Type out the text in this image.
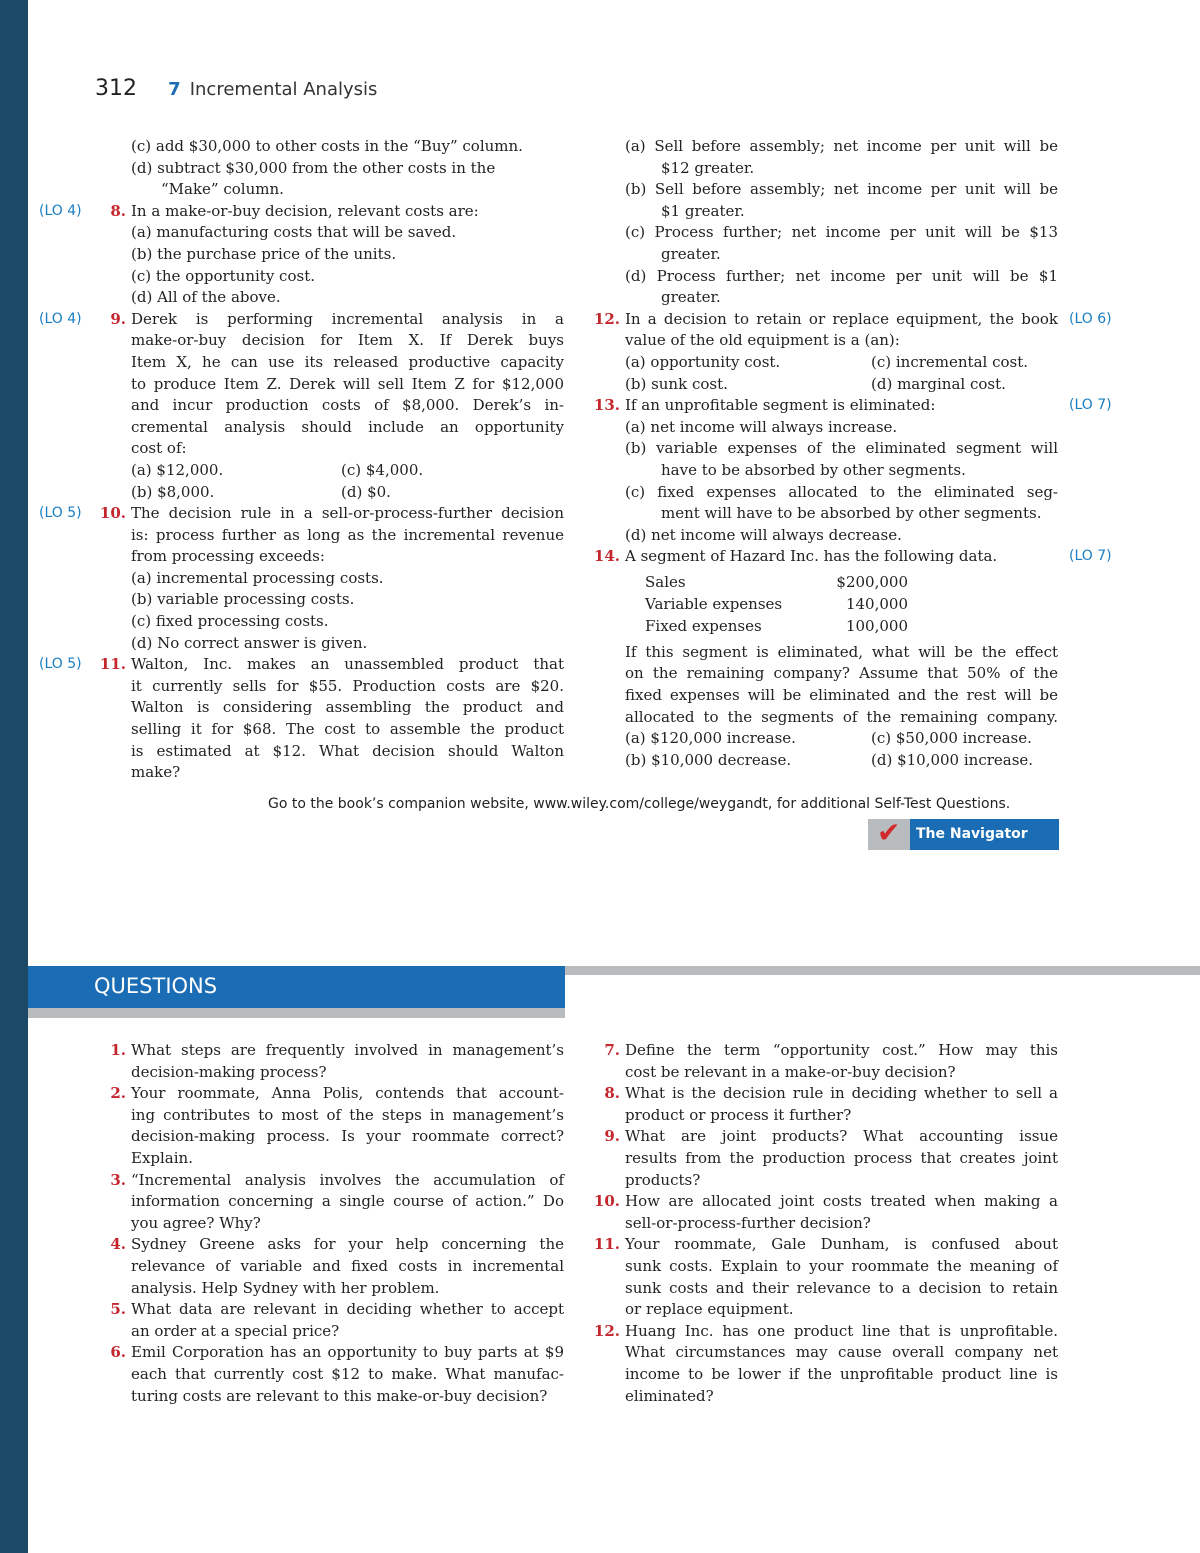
312 7 Incremental Analysis
(c) add $30,000 to other costs in the “Buy” column.
(d) subtract $30,000 from the other costs in the
“Make” column.
(LO 4)	8. In a make-or-buy decision, relevant costs are:
(a) manufacturing costs that will be saved.
(b) the purchase price of the units.
(c) the opportunity cost.
(d) All of the above.
(LO 4)	9. Derek is performing incremental analysis in a
make-or-buy decision for Item X. If Derek buys
Item X, he can use its released productive capacity
to produce Item Z. Derek will sell Item Z for $12,000
and incur production costs of $8,000. Derek’s in-
cremental analysis should include an opportunity
cost of:
(a) $12,000.	(c) $4,000.
(b) $8,000.	(d) $0.
(LO 5) 10. The decision rule in a sell-or-process-further decision
is: process further as long as the incremental revenue
from processing exceeds:
(a) incremental processing costs.
(b) variable processing costs.
(c) fixed processing costs.
(d) No correct answer is given.
(LO 5) 11. Walton, Inc. makes an unassembled product that
it currently sells for $55. Production costs are $20.
Walton is considering assembling the product and
selling it for $68. The cost to assemble the product
is estimated at $12. What decision should Walton
make?
(a) Sell before assembly; net income per unit will be
$12 greater.
(b) Sell before assembly; net income per unit will be
$1 greater.
(c) Process further; net income per unit will be $13
greater.
(d) Process further; net income per unit will be $1
greater.
12. In a decision to retain or replace equipment, the book (LO 6)
value of the old equipment is a (an):
(a) opportunity cost.	(c) incremental cost.
(b) sunk cost.	(d) marginal cost.
13. If an unprofitable segment is eliminated:	(LO 7)
(a) net income will always increase.
(b) variable expenses of the eliminated segment will
have to be absorbed by other segments.
(c) fixed expenses allocated to the eliminated seg-
ment will have to be absorbed by other segments.
(d) net income will always decrease.
14. A segment of Hazard Inc. has the following data.	(LO 7)
Sales	$200,000
Variable expenses	140,000
Fixed expenses	100,000
If this segment is eliminated, what will be the effect
on the remaining company? Assume that 50% of the
fixed expenses will be eliminated and the rest will be
allocated to the segments of the remaining company.
(a) $120,000 increase.	(c) $50,000 increase.
(b) $10,000 decrease.	(d) $10,000 increase.
Go to the book’s companion website, www.wiley.com/college/weygandt, for additional Self-Test Questions.
✔ The Navigator
QUESTIONS
1. What steps are frequently involved in management’s
decision-making process?
2. Your roommate, Anna Polis, contends that account-
ing contributes to most of the steps in management’s
decision-making process. Is your roommate correct?
Explain.
3. “Incremental analysis involves the accumulation of
information concerning a single course of action.” Do
you agree? Why?
4. Sydney Greene asks for your help concerning the
relevance of variable and fixed costs in incremental
analysis. Help Sydney with her problem.
5. What data are relevant in deciding whether to accept
an order at a special price?
6. Emil Corporation has an opportunity to buy parts at $9
each that currently cost $12 to make. What manufac-
turing costs are relevant to this make-or-buy decision?
7. Define the term “opportunity cost.” How may this
cost be relevant in a make-or-buy decision?
8. What is the decision rule in deciding whether to sell a
product or process it further?
9. What are joint products? What accounting issue
results from the production process that creates joint
products?
10. How are allocated joint costs treated when making a
sell-or-process-further decision?
11. Your roommate, Gale Dunham, is confused about
sunk costs. Explain to your roommate the meaning of
sunk costs and their relevance to a decision to retain
or replace equipment.
12. Huang Inc. has one product line that is unprofitable.
What circumstances may cause overall company net
income to be lower if the unprofitable product line is
eliminated?
